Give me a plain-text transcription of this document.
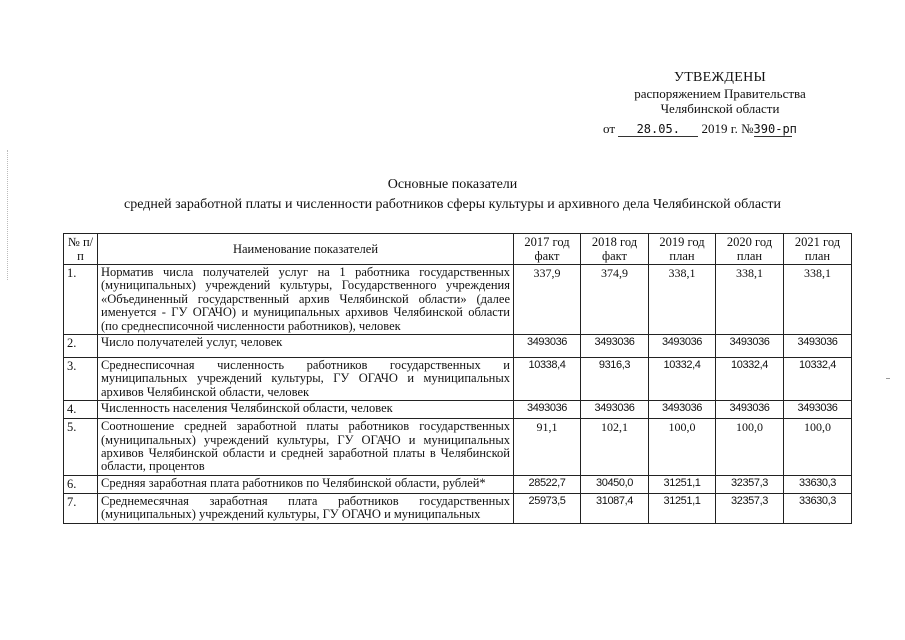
УТВЕЖДЕНЫ
распоряжением Правительства
Челябинской области
от 28.05. 2019 г. №390-рп
Основные показатели
средней заработной платы и численности работников сферы культуры и архивного дела Челябинской области
№ п/п	Наименование показателей	2017 год факт	2018 год факт	2019 год план	2020 год план	2021 год план
1.	Норматив числа получателей услуг на 1 работника государственных (муниципальных) учреждений культуры, Государственного учреждения «Объединенный государственный архив Челябинской области» (далее именуется - ГУ ОГАЧО) и муниципальных архивов Челябинской области (по среднесписочной численности работников), человек	337,9	374,9	338,1	338,1	338,1
2.	Число получателей услуг, человек	3493036	3493036	3493036	3493036	3493036
3.	Среднесписочная численность работников государственных и муниципальных учреждений культуры, ГУ ОГАЧО и муниципальных архивов Челябинской области, человек	10338,4	9316,3	10332,4	10332,4	10332,4
4.	Численность населения Челябинской области, человек	3493036	3493036	3493036	3493036	3493036
5.	Соотношение средней заработной платы работников государственных (муниципальных) учреждений культуры, ГУ ОГАЧО и муниципальных архивов Челябинской области и средней заработной платы в Челябинской области, процентов	91,1	102,1	100,0	100,0	100,0
6.	Средняя заработная плата работников по Челябинской области, рублей*	28522,7	30450,0	31251,1	32357,3	33630,3
7.	Среднемесячная заработная плата работников государственных (муниципальных) учреждений культуры, ГУ ОГАЧО и муниципальных	25973,5	31087,4	31251,1	32357,3	33630,3
